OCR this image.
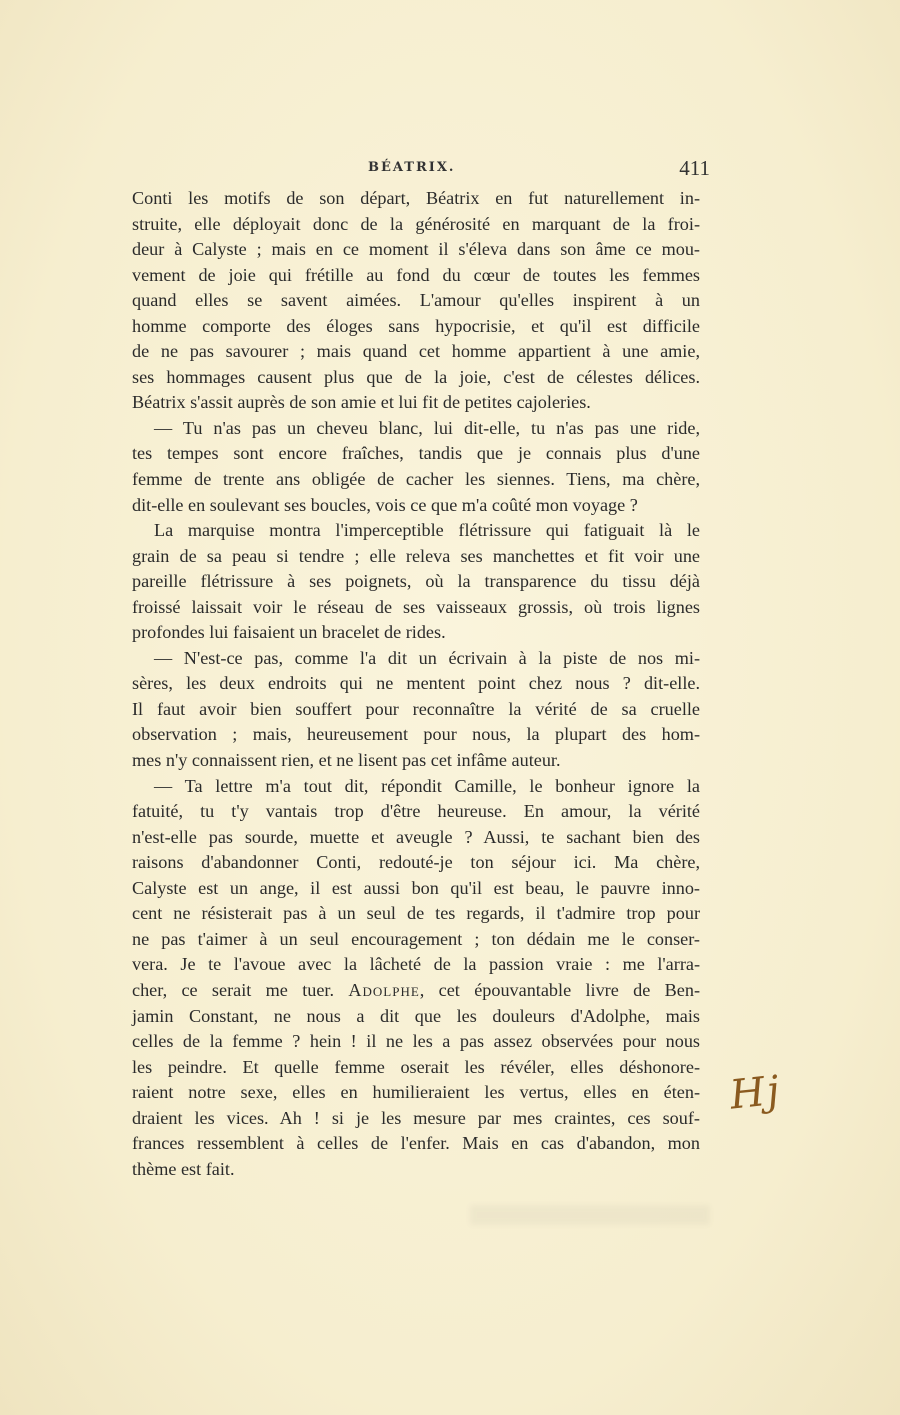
BÉATRIX.	411
Conti les motifs de son départ, Béatrix en fut naturellement in-
struite, elle déployait donc de la générosité en marquant de la froi-
deur à Calyste ; mais en ce moment il s'éleva dans son âme ce mou-
vement de joie qui frétille au fond du cœur de toutes les femmes
quand elles se savent aimées. L'amour qu'elles inspirent à un
homme comporte des éloges sans hypocrisie, et qu'il est difficile
de ne pas savourer ; mais quand cet homme appartient à une amie,
ses hommages causent plus que de la joie, c'est de célestes délices.
Béatrix s'assit auprès de son amie et lui fit de petites cajoleries.
— Tu n'as pas un cheveu blanc, lui dit-elle, tu n'as pas une ride,
tes tempes sont encore fraîches, tandis que je connais plus d'une
femme de trente ans obligée de cacher les siennes. Tiens, ma chère,
dit-elle en soulevant ses boucles, vois ce que m'a coûté mon voyage ?
La marquise montra l'imperceptible flétrissure qui fatiguait là le
grain de sa peau si tendre ; elle releva ses manchettes et fit voir une
pareille flétrissure à ses poignets, où la transparence du tissu déjà
froissé laissait voir le réseau de ses vaisseaux grossis, où trois lignes
profondes lui faisaient un bracelet de rides.
— N'est-ce pas, comme l'a dit un écrivain à la piste de nos mi-
sères, les deux endroits qui ne mentent point chez nous ? dit-elle.
Il faut avoir bien souffert pour reconnaître la vérité de sa cruelle
observation ; mais, heureusement pour nous, la plupart des hom-
mes n'y connaissent rien, et ne lisent pas cet infâme auteur.
— Ta lettre m'a tout dit, répondit Camille, le bonheur ignore la
fatuité, tu t'y vantais trop d'être heureuse. En amour, la vérité
n'est-elle pas sourde, muette et aveugle ? Aussi, te sachant bien des
raisons d'abandonner Conti, redouté-je ton séjour ici. Ma chère,
Calyste est un ange, il est aussi bon qu'il est beau, le pauvre inno-
cent ne résisterait pas à un seul de tes regards, il t'admire trop pour
ne pas t'aimer à un seul encouragement ; ton dédain me le conser-
vera. Je te l'avoue avec la lâcheté de la passion vraie : me l'arra-
cher, ce serait me tuer. Adolphe, cet épouvantable livre de Ben-
jamin Constant, ne nous a dit que les douleurs d'Adolphe, mais
celles de la femme ? hein ! il ne les a pas assez observées pour nous
les peindre. Et quelle femme oserait les révéler, elles déshonore-
raient notre sexe, elles en humilieraient les vertus, elles en éten-
draient les vices. Ah ! si je les mesure par mes craintes, ces souf-
frances ressemblent à celles de l'enfer. Mais en cas d'abandon, mon
thème est fait.
Hj
